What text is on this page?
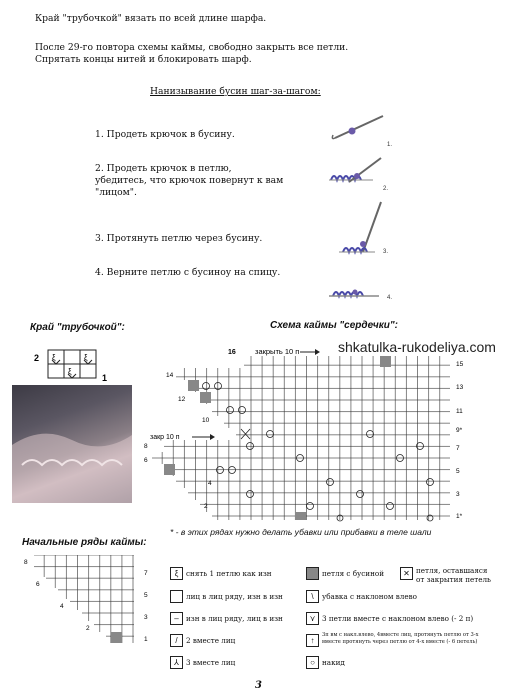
Край "трубочкой" вязать по всей длине шарфа.
После 29-го повтора схемы каймы, свободно закрыть все петли.
Спрятать концы нитей и блокировать шарф.
Нанизывание бусин шаг-за-шагом:
1. Продеть крючок в бусину.
2. Продеть крючок в петлю,
убедитесь, что крючок повернут к вам
"лицом".
3. Протянуть петлю через бусину.
4. Верните петлю с бусиноу на спицу.
1.
2.
3.
4.
Край "трубочкой":
2 ξ	ξ
ξ
1
Схема каймы "сердечки":
shkatulka-rukodeliya.com
16	закрыть 10 п
закр 10 п
14
12
10
8
6
4
2
15
13
11
9*
7
5
3
1*
* - в этих рядах нужно делать убавки или прибавки в теле шали
Начальные ряды каймы:
8
6
4
2
7
5
3
1
ξ	снять 1 петлю как изн
лиц в лиц ряду, изн в изн
–	изн в лиц ряду, лиц в изн
/	2 вместе лиц
⅄ 3 вместе лиц
петля с бусиной
\	убавка с наклоном влево
⋎ 3 петли вместе с наклоном влево (- 2 п)
↑
3п вм с накл.влево, 4вместе лиц, протянуть петлю от 3-х вместе протянуть через петлю от 4-х вместе (- 6 петель)
○ накид
✕ петля, оставшаяся
от закрытия петель
3
